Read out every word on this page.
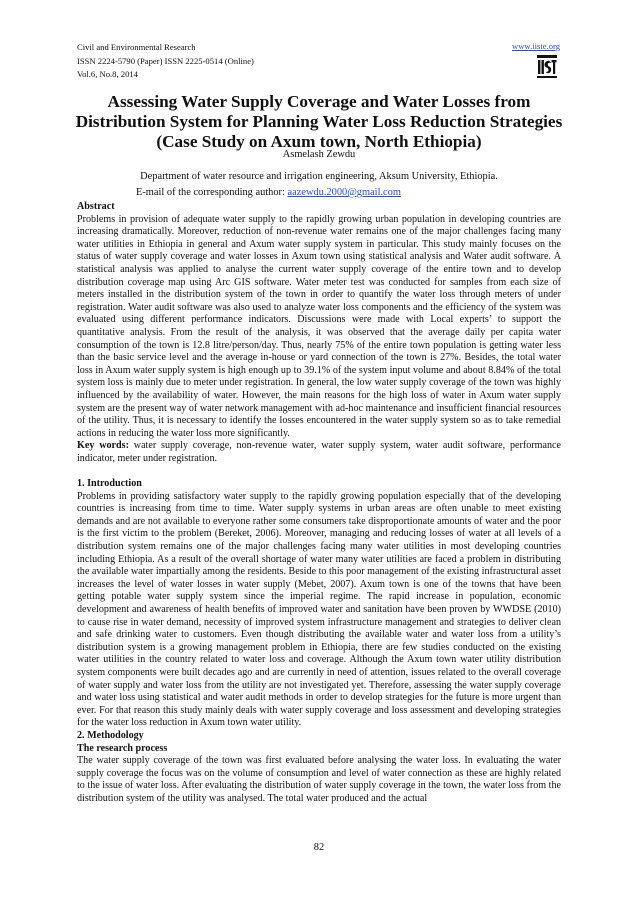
Civil and Environmental Research
ISSN 2224-5790 (Paper) ISSN 2225-0514 (Online)
Vol.6, No.8, 2014
www.iiste.org
Assessing Water Supply Coverage and Water Losses from Distribution System for Planning Water Loss Reduction Strategies (Case Study on Axum town, North Ethiopia)
Asmelash Zewdu
Department of water resource and irrigation engineering, Aksum University, Ethiopia.
E-mail of the corresponding author: aazewdu.2000@gmail.com

Abstract

Problems in provision of adequate water supply to the rapidly growing urban population in developing countries are increasing dramatically. Moreover, reduction of non-revenue water remains one of the major challenges facing many water utilities in Ethiopia in general and Axum water supply system in particular. This study mainly focuses on the status of water supply coverage and water losses in Axum town using statistical analysis and Water audit software. A statistical analysis was applied to analyse the current water supply coverage of the entire town and to develop distribution coverage map using Arc GIS software. Water meter test was conducted for samples from each size of meters installed in the distribution system of the town in order to quantify the water loss through meters of under registration. Water audit software was also used to analyze water loss components and the efficiency of the system was evaluated using different performance indicators. Discussions were made with Local experts’ to support the quantitative analysis. From the result of the analysis, it was observed that the average daily per capita water consumption of the town is 12.8 litre/person/day. Thus, nearly 75% of the entire town population is getting water less than the basic service level and the average in-house or yard connection of the town is 27%. Besides, the total water loss in Axum water supply system is high enough up to 39.1% of the system input volume and about 8.84% of the total system loss is mainly due to meter under registration. In general, the low water supply coverage of the town was highly influenced by the availability of water. However, the main reasons for the high loss of water in Axum water supply system are the present way of water network management with ad-hoc maintenance and insufficient financial resources of the utility. Thus, it is necessary to identify the losses encountered in the water supply system so as to take remedial actions in reducing the water loss more significantly.

Key words: water supply coverage, non-revenue water, water supply system, water audit software, performance indicator, meter under registration.

1. Introduction

Problems in providing satisfactory water supply to the rapidly growing population especially that of the developing countries is increasing from time to time. Water supply systems in urban areas are often unable to meet existing demands and are not available to everyone rather some consumers take disproportionate amounts of water and the poor is the first victim to the problem (Bereket, 2006). Moreover, managing and reducing losses of water at all levels of a distribution system remains one of the major challenges facing many water utilities in most developing countries including Ethiopia. As a result of the overall shortage of water many water utilities are faced a problem in distributing the available water impartially among the residents. Beside to this poor management of the existing infrastructural asset increases the level of water losses in water supply (Mebet, 2007). Axum town is one of the towns that have been getting potable water supply system since the imperial regime. The rapid increase in population, economic development and awareness of health benefits of improved water and sanitation have been proven by WWDSE (2010) to cause rise in water demand, necessity of improved system infrastructure management and strategies to deliver clean and safe drinking water to customers. Even though distributing the available water and water loss from a utility’s distribution system is a growing management problem in Ethiopia, there are few studies conducted on the existing water utilities in the country related to water loss and coverage. Although the Axum town water utility distribution system components were built decades ago and are currently in need of attention, issues related to the overall coverage of water supply and water loss from the utility are not investigated yet. Therefore, assessing the water supply coverage and water loss using statistical and water audit methods in order to develop strategies for the future is more urgent than ever. For that reason this study mainly deals with water supply coverage and loss assessment and developing strategies for the water loss reduction in Axum town water utility.

2. Methodology

The research process

The water supply coverage of the town was first evaluated before analysing the water loss. In evaluating the water supply coverage the focus was on the volume of consumption and level of water connection as these are highly related to the issue of water loss. After evaluating the distribution of water supply coverage in the town, the water loss from the distribution system of the utility was analysed. The total water produced and the actual

82
